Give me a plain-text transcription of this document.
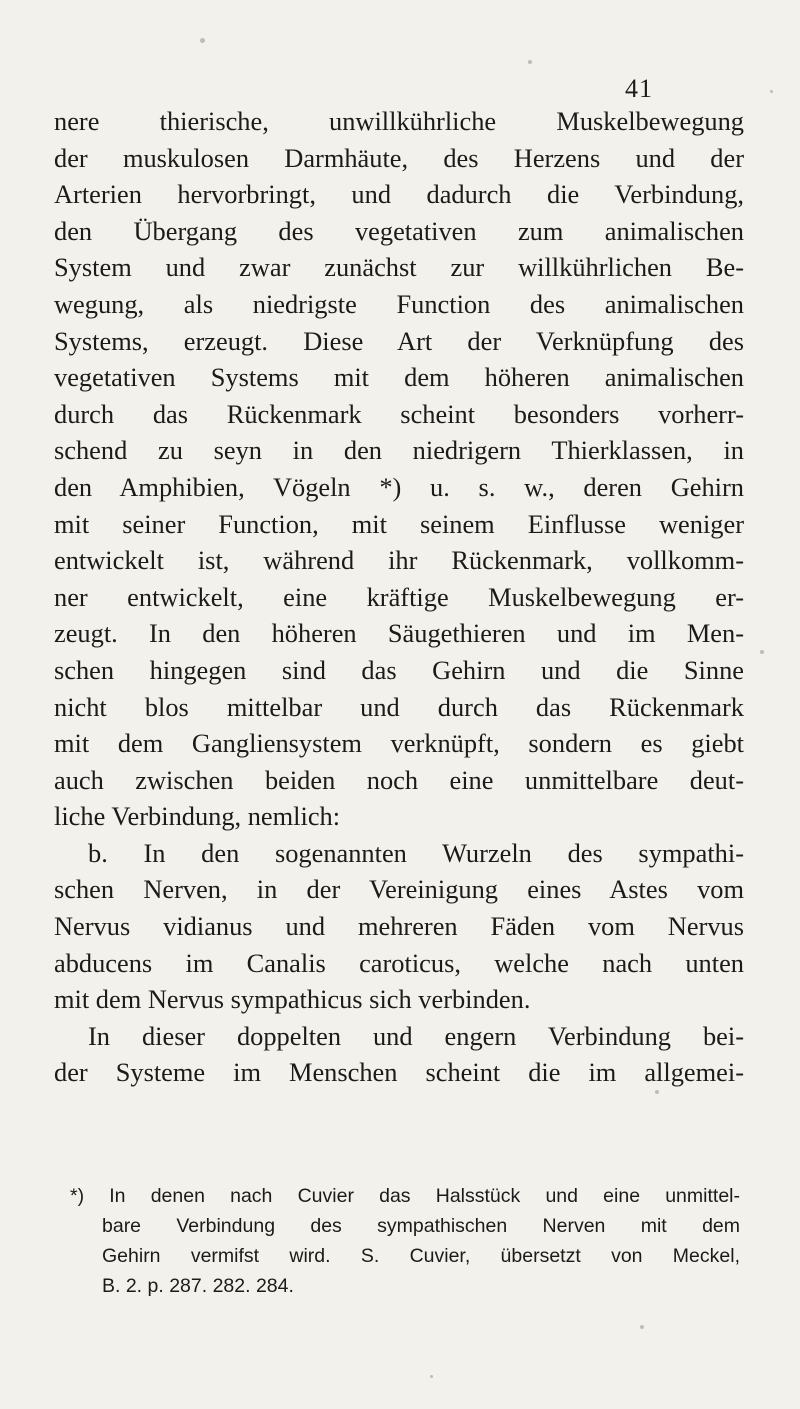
41
nere thierische, unwillkührliche Muskelbewegung
der muskulosen Darmhäute, des Herzens und der
Arterien hervorbringt, und dadurch die Verbindung,
den Übergang des vegetativen zum animalischen
System und zwar zunächst zur willkührlichen Be-
wegung, als niedrigste Function des animalischen
Systems, erzeugt. Diese Art der Verknüpfung des
vegetativen Systems mit dem höheren animalischen
durch das Rückenmark scheint besonders vorherr-
schend zu seyn in den niedrigern Thierklassen, in
den Amphibien, Vögeln *) u. s. w., deren Gehirn
mit seiner Function, mit seinem Einflusse weniger
entwickelt ist, während ihr Rückenmark, vollkomm-
ner entwickelt, eine kräftige Muskelbewegung er-
zeugt. In den höheren Säugethieren und im Men-
schen hingegen sind das Gehirn und die Sinne
nicht blos mittelbar und durch das Rückenmark
mit dem Gangliensystem verknüpft, sondern es giebt
auch zwischen beiden noch eine unmittelbare deut-
liche Verbindung, nemlich:
b. In den sogenannten Wurzeln des sympathi-
schen Nerven, in der Vereinigung eines Astes vom
Nervus vidianus und mehreren Fäden vom Nervus
abducens im Canalis caroticus, welche nach unten
mit dem Nervus sympathicus sich verbinden.
In dieser doppelten und engern Verbindung bei-
der Systeme im Menschen scheint die im allgemei-
*) In denen nach Cuvier das Halsstück und eine unmittel-
bare Verbindung des sympathischen Nerven mit dem
Gehirn vermifst wird. S. Cuvier, übersetzt von Meckel,
B. 2. p. 287. 282. 284.
